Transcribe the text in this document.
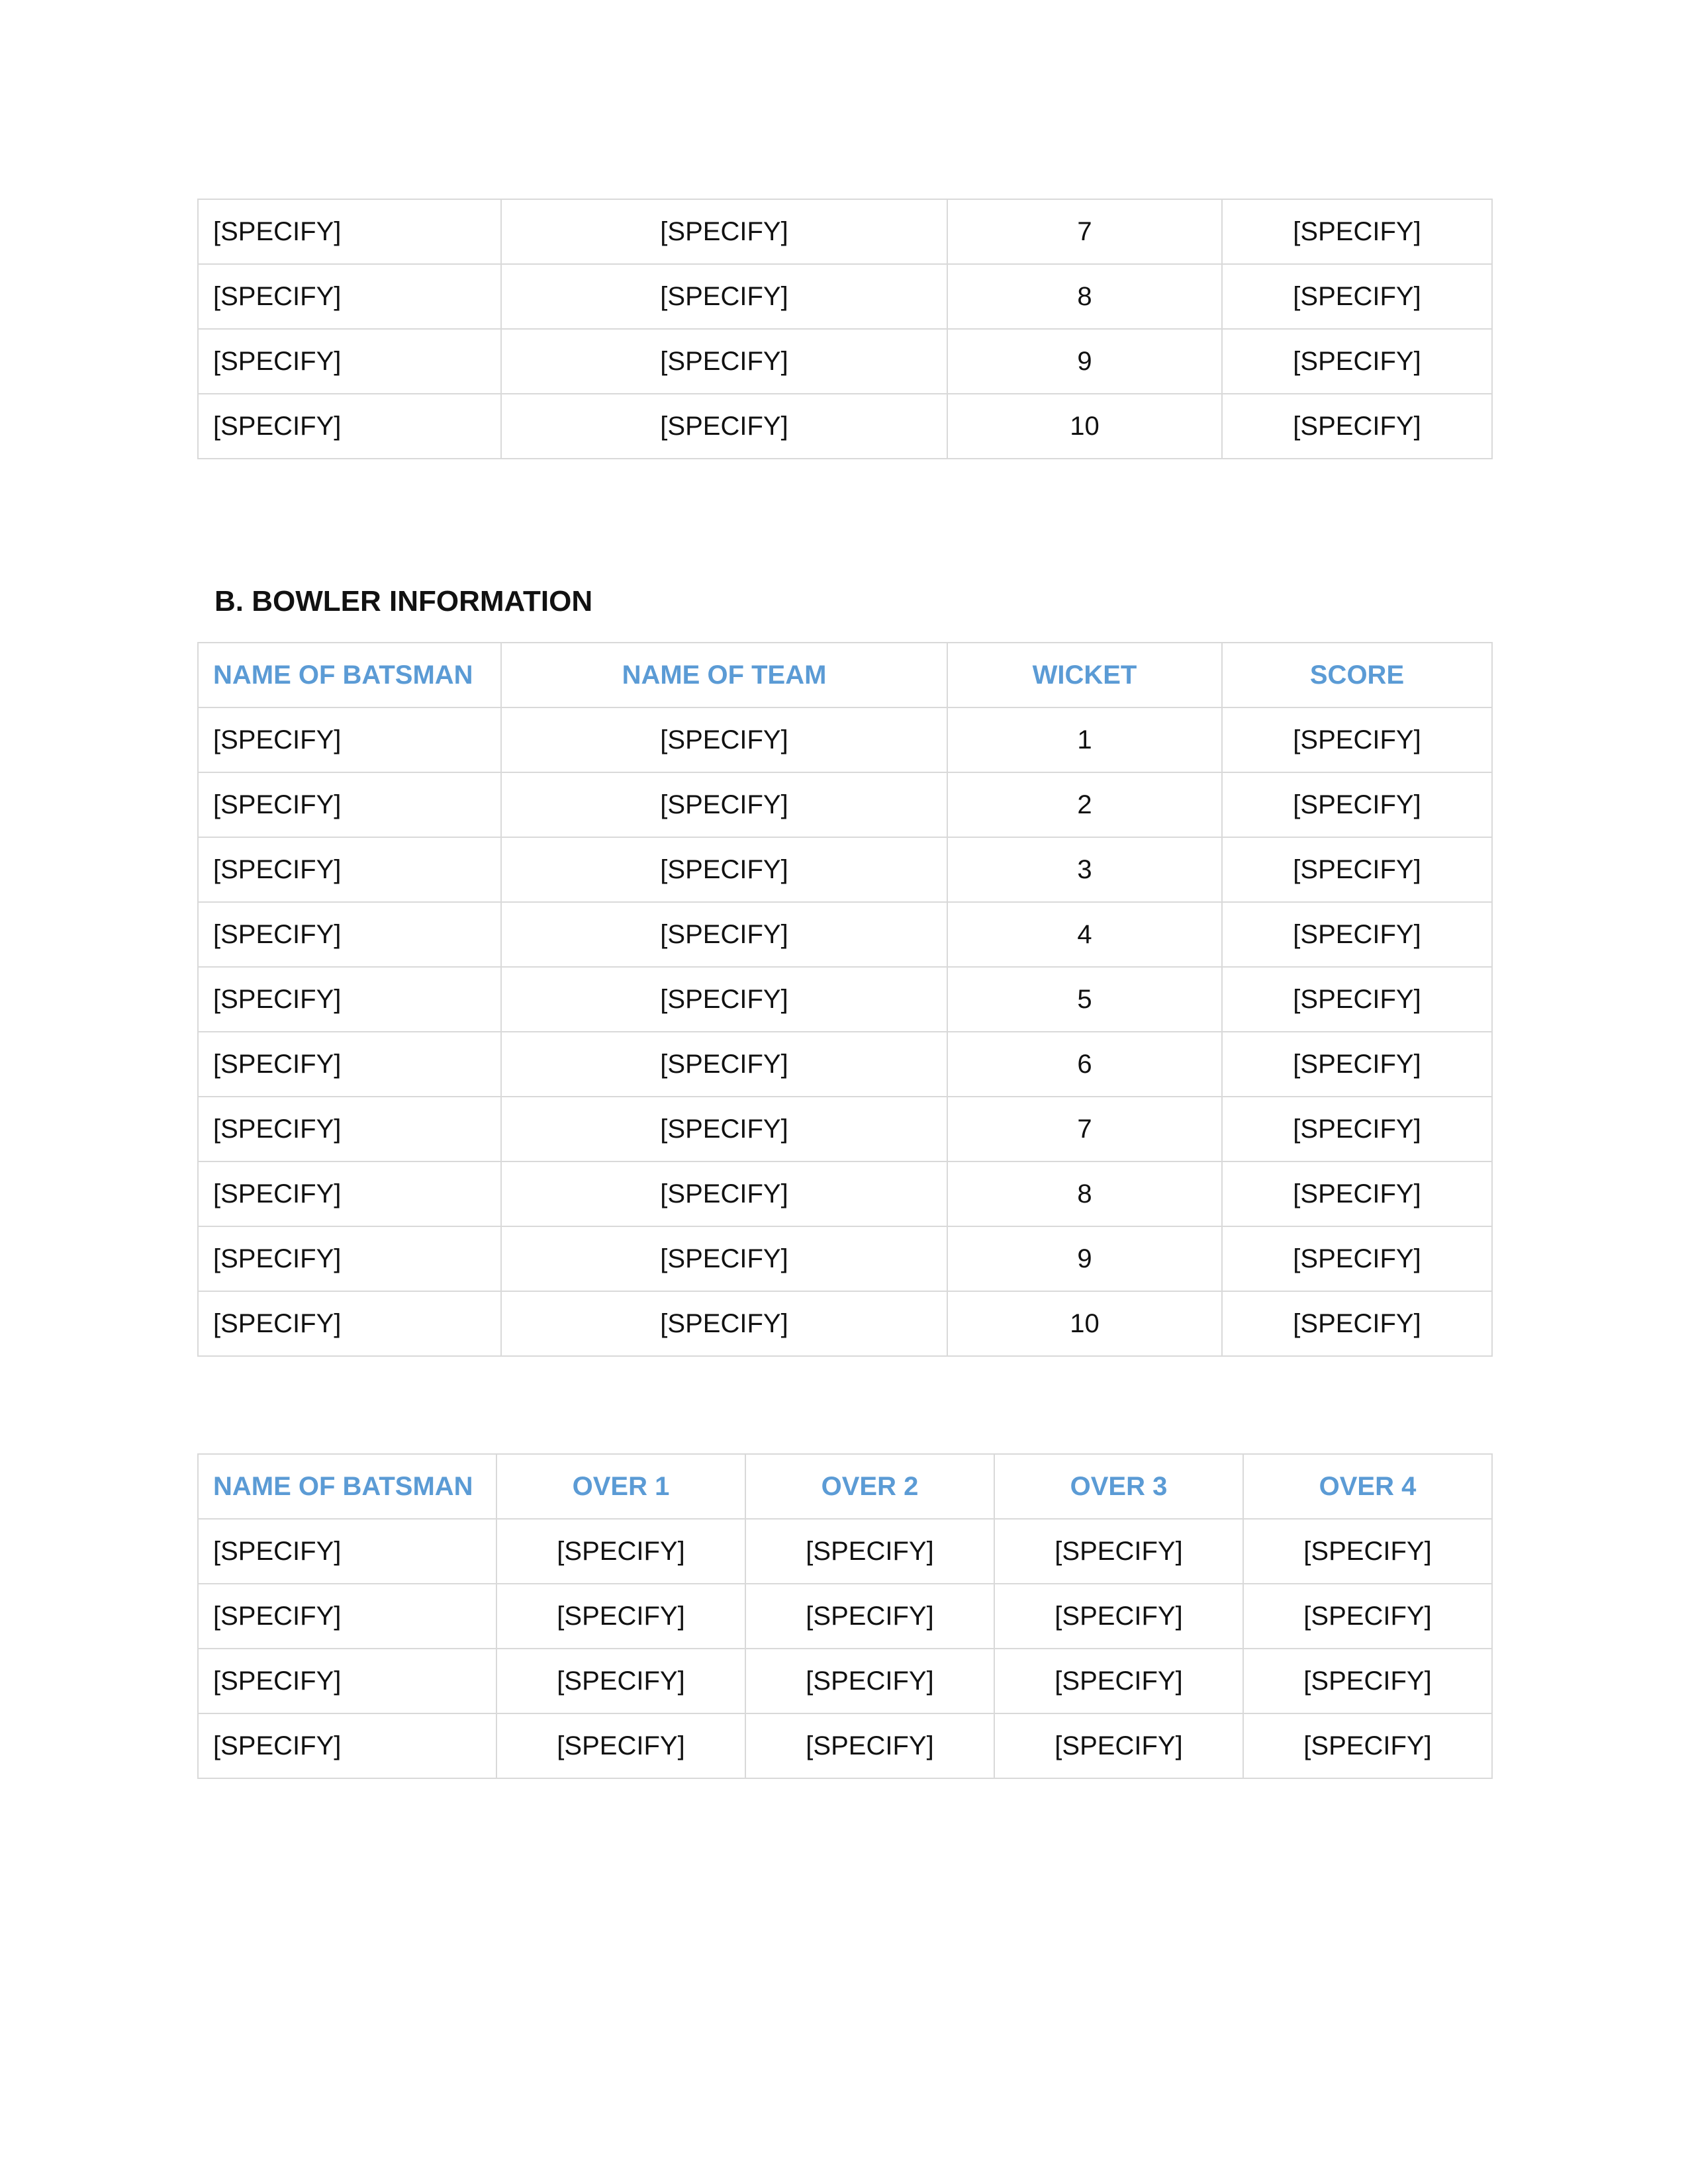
[SPECIFY]	[SPECIFY]	7	[SPECIFY]
[SPECIFY]	[SPECIFY]	8	[SPECIFY]
[SPECIFY]	[SPECIFY]	9	[SPECIFY]
[SPECIFY]	[SPECIFY]	10	[SPECIFY]
B. BOWLER INFORMATION
NAME OF BATSMAN	NAME OF TEAM	WICKET	SCORE
[SPECIFY]	[SPECIFY]	1	[SPECIFY]
[SPECIFY]	[SPECIFY]	2	[SPECIFY]
[SPECIFY]	[SPECIFY]	3	[SPECIFY]
[SPECIFY]	[SPECIFY]	4	[SPECIFY]
[SPECIFY]	[SPECIFY]	5	[SPECIFY]
[SPECIFY]	[SPECIFY]	6	[SPECIFY]
[SPECIFY]	[SPECIFY]	7	[SPECIFY]
[SPECIFY]	[SPECIFY]	8	[SPECIFY]
[SPECIFY]	[SPECIFY]	9	[SPECIFY]
[SPECIFY]	[SPECIFY]	10	[SPECIFY]
NAME OF BATSMAN	OVER 1	OVER 2	OVER 3	OVER 4
[SPECIFY]	[SPECIFY]	[SPECIFY]	[SPECIFY]	[SPECIFY]
[SPECIFY]	[SPECIFY]	[SPECIFY]	[SPECIFY]	[SPECIFY]
[SPECIFY]	[SPECIFY]	[SPECIFY]	[SPECIFY]	[SPECIFY]
[SPECIFY]	[SPECIFY]	[SPECIFY]	[SPECIFY]	[SPECIFY]
